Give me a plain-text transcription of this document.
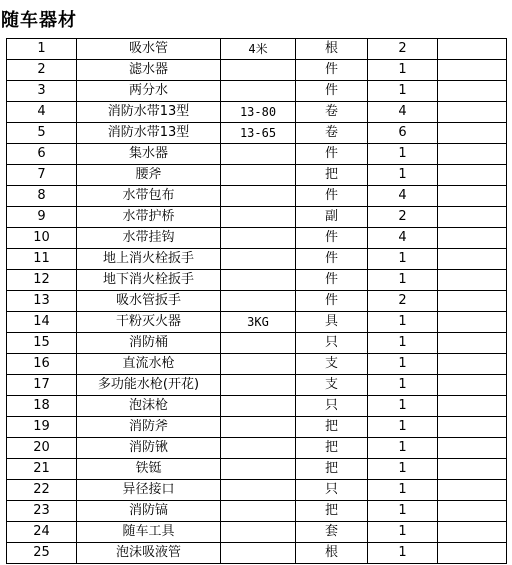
随车器材
1	吸水管	4米	根	2	
2	滤水器		件	1	
3	两分水		件	1	
4	消防水带13型	13-80	卷	4	
5	消防水带13型	13-65	卷	6	
6	集水器		件	1	
7	腰斧		把	1	
8	水带包布		件	4	
9	水带护桥		副	2	
10	水带挂钩		件	4	
11	地上消火栓扳手		件	1	
12	地下消火栓扳手		件	1	
13	吸水管扳手		件	2	
14	干粉灭火器	3KG	具	1	
15	消防桶		只	1	
16	直流水枪		支	1	
17	多功能水枪(开花)		支	1	
18	泡沫枪		只	1	
19	消防斧		把	1	
20	消防锹		把	1	
21	铁铤		把	1	
22	异径接口		只	1	
23	消防镐		把	1	
24	随车工具		套	1	
25	泡沫吸液管		根	1	
